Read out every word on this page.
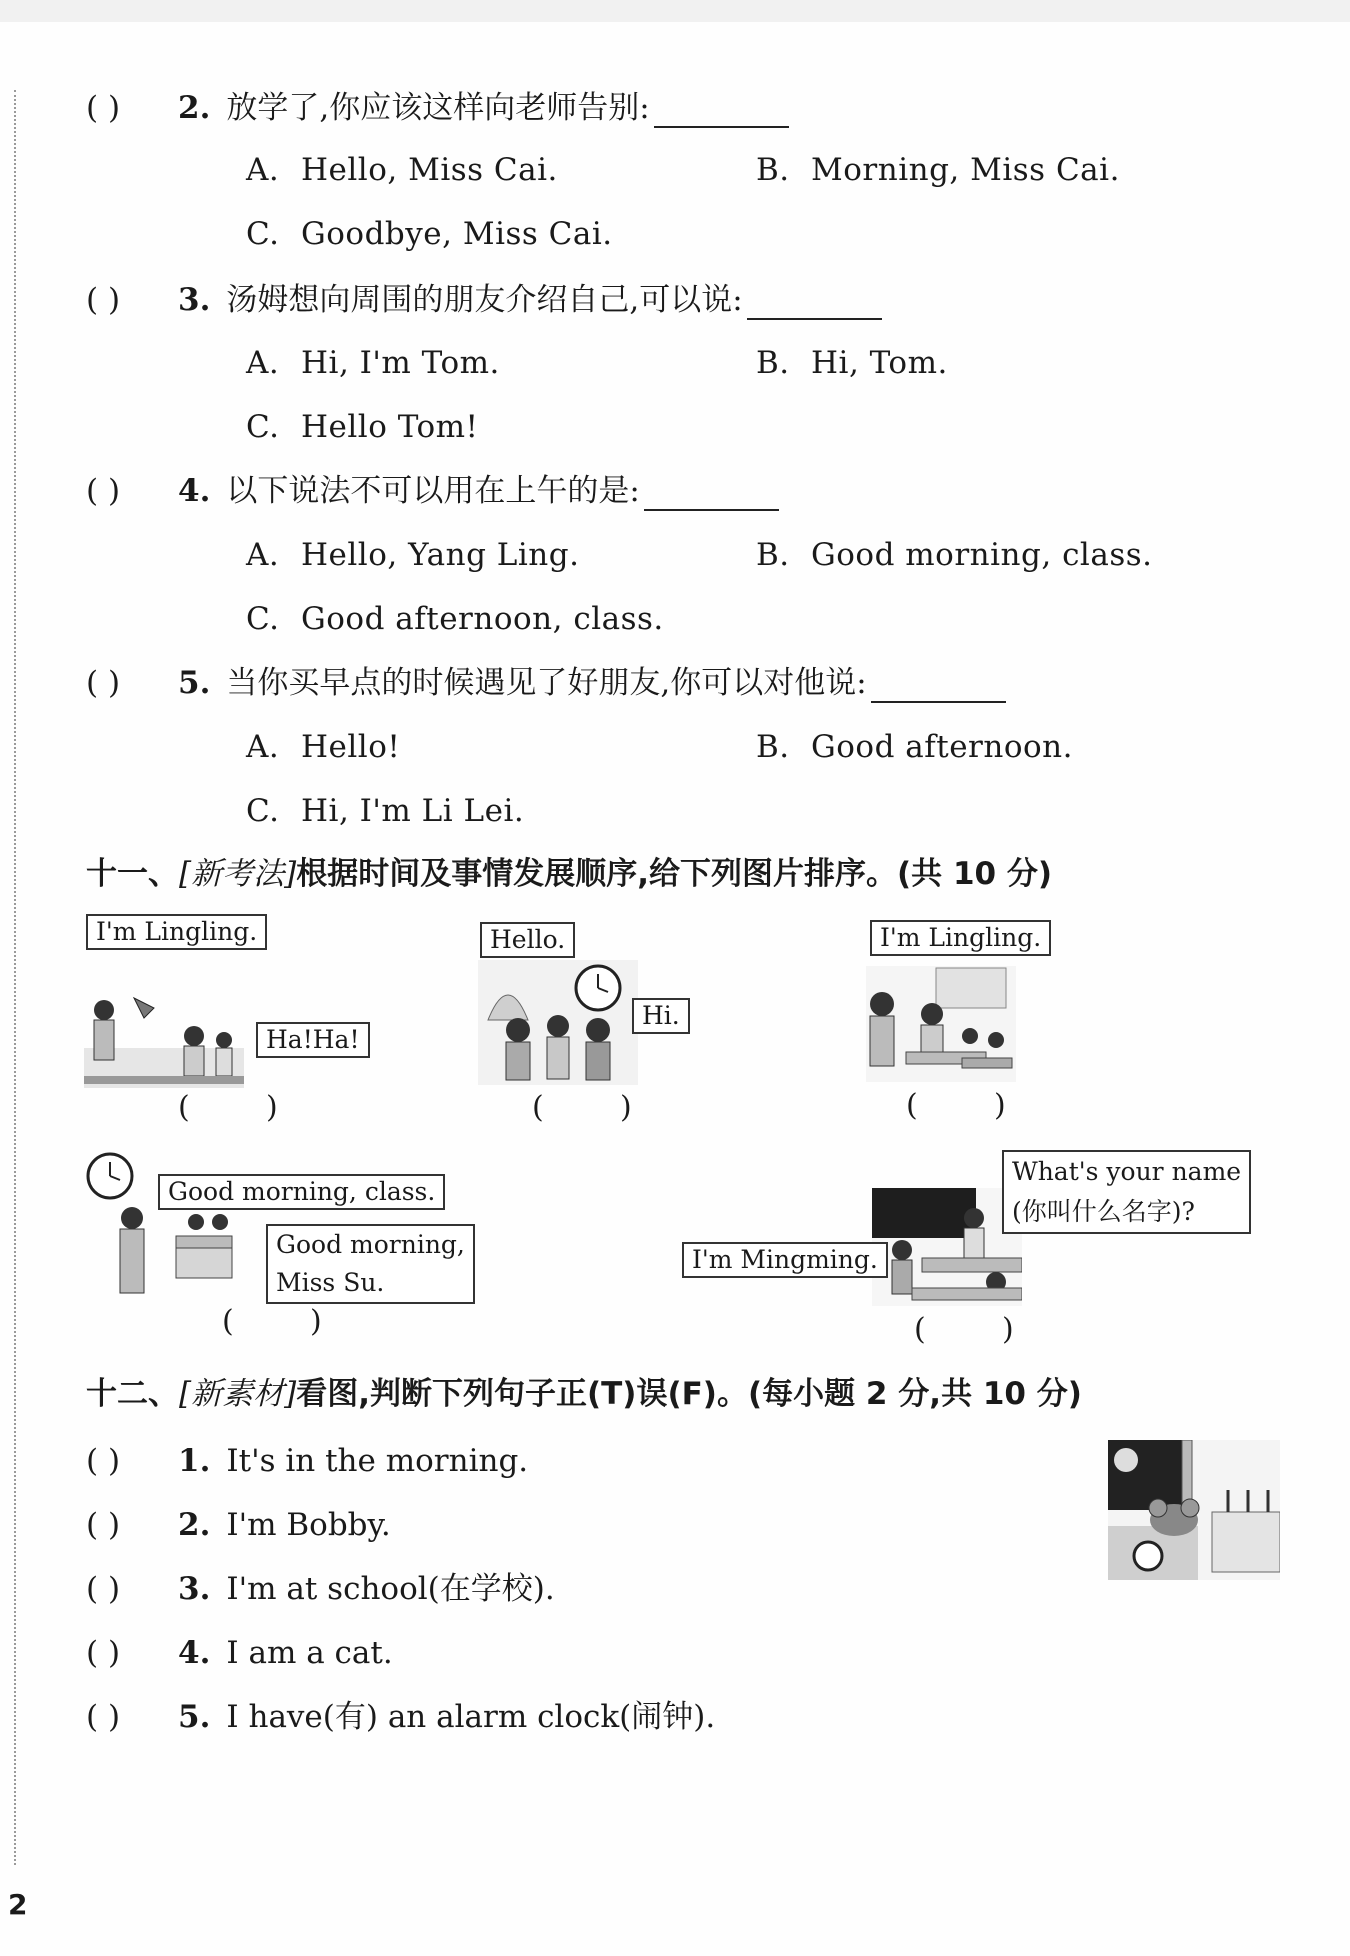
( ) 2. 放学了,你应该这样向老师告别:
A. Hello, Miss Cai.	B. Morning, Miss Cai.
C. Goodbye, Miss Cai.
( ) 3. 汤姆想向周围的朋友介绍自己,可以说:
A. Hi, I'm Tom.	B. Hi, Tom.
C. Hello Tom!
( ) 4. 以下说法不可以用在上午的是:
A. Hello, Yang Ling.	B. Good morning, class.
C. Good afternoon, class.
( ) 5. 当你买早点的时候遇见了好朋友,你可以对他说:
A. Hello!	B. Good afternoon.
C. Hi, I'm Li Lei.
十一、[新考法]根据时间及事情发展顺序,给下列图片排序。(共 10 分)
I'm Lingling.
Ha!Ha!
(        )
Hello.
Hi.
(        )
I'm Lingling.
(        )
Good morning, class.
Good morning,
Miss Su.
(        )
What's your name
(你叫什么名字)?
I'm Mingming.
(        )
十二、[新素材]看图,判断下列句子正(T)误(F)。(每小题 2 分,共 10 分)
( ) 1. It's in the morning.
( ) 2. I'm Bobby.
( ) 3. I'm at school(在学校).
( ) 4. I am a cat.
( ) 5. I have(有) an alarm clock(闹钟).
2
